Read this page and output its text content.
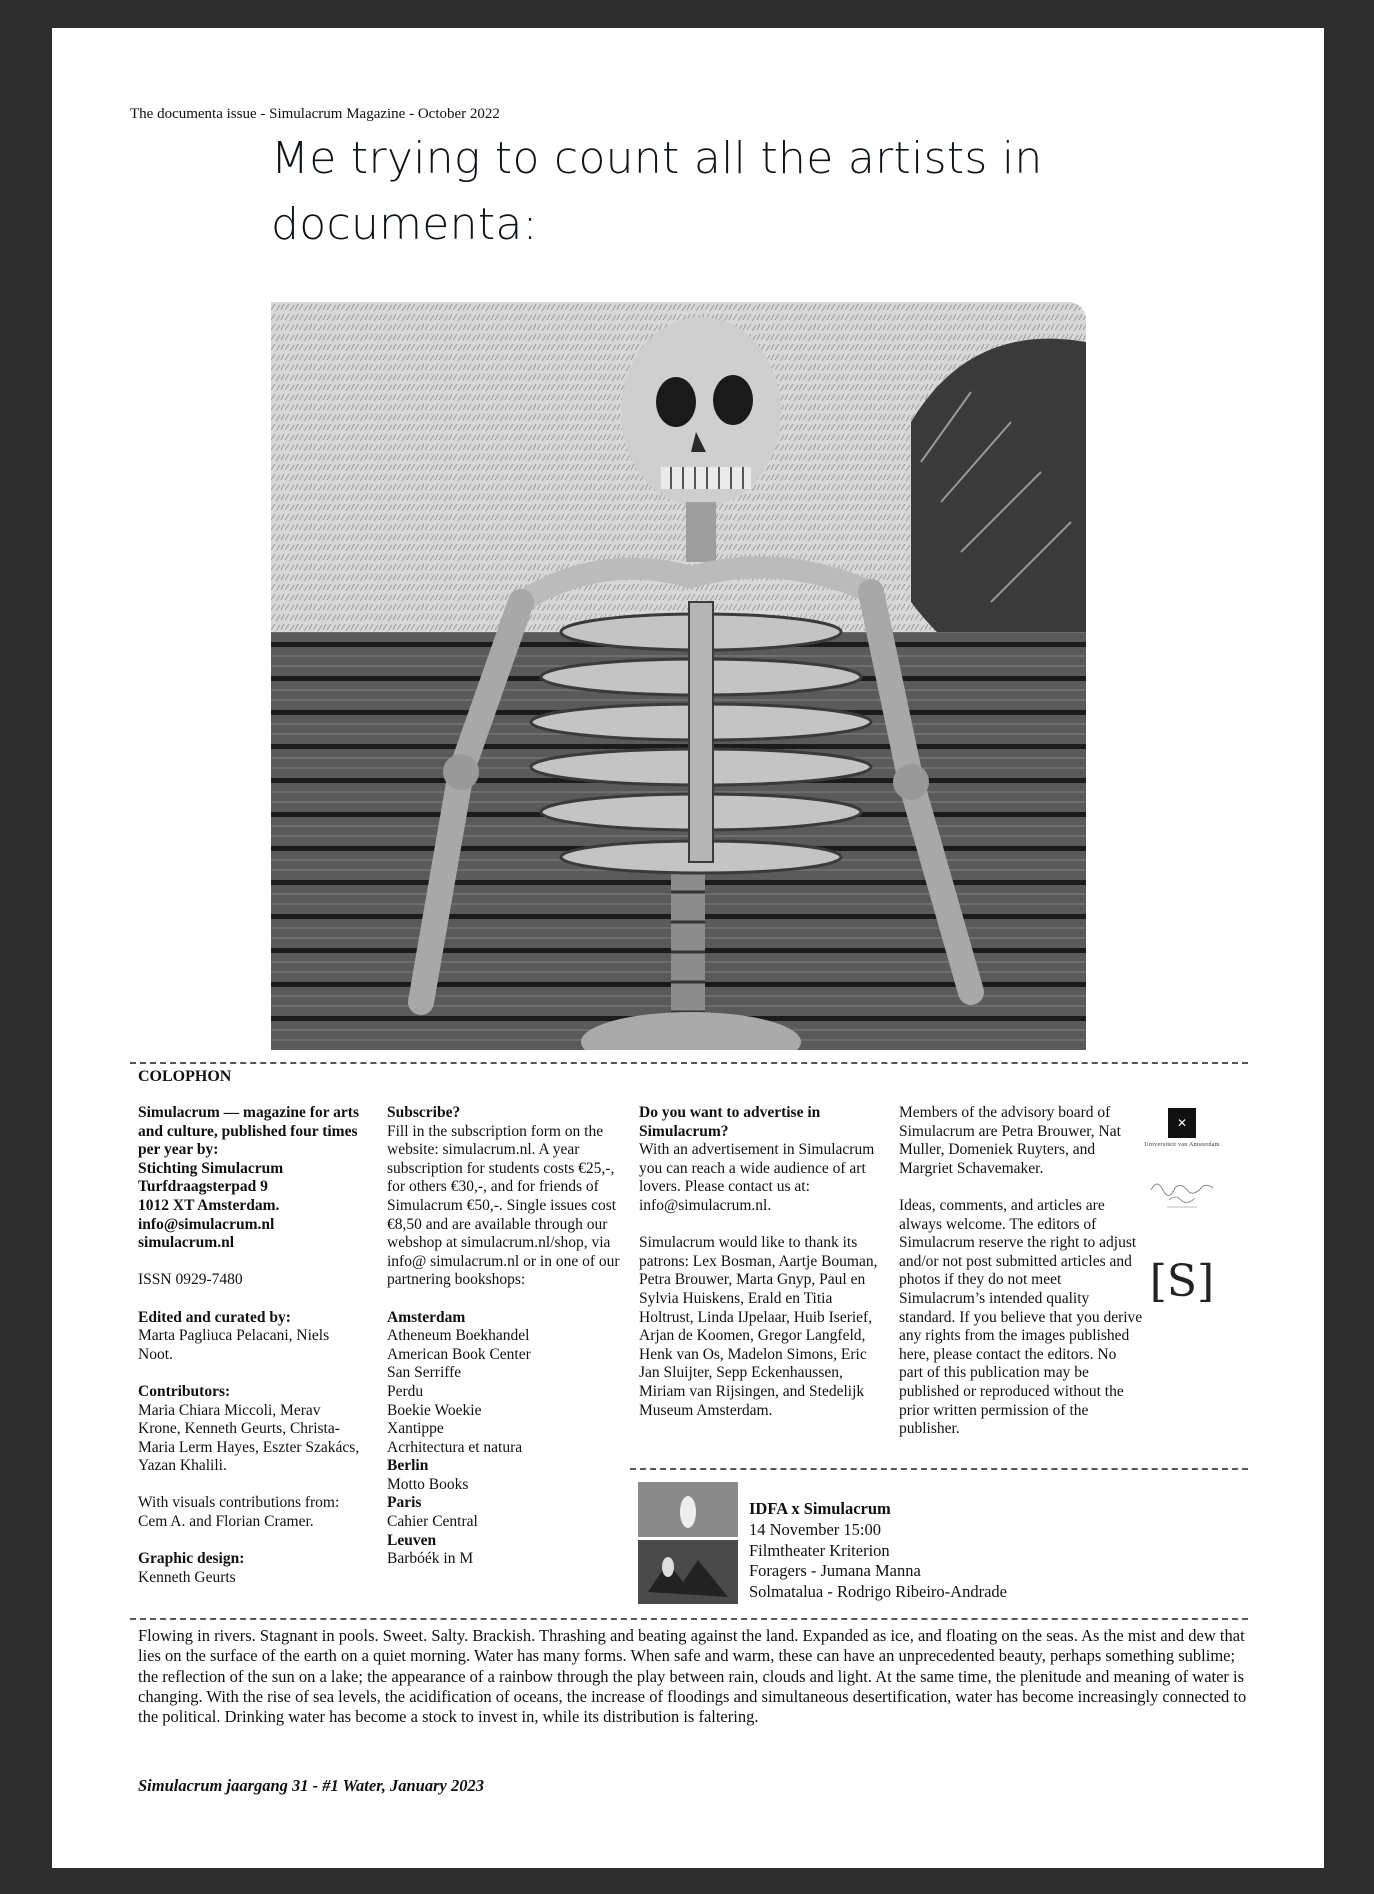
The documenta issue - Simulacrum Magazine - October 2022
Me trying to count all the artists in documenta:
COLOPHON

Simulacrum — magazine for arts and culture, published four times per year by:
Stichting Simulacrum
Turfdraagsterpad 9
1012 XT Amsterdam.
info@simulacrum.nl
simulacrum.nl

ISSN 0929-7480

Edited and curated by:

Marta Pagliuca Pelacani, Niels Noot.

Contributors:

Maria Chiara Miccoli, Merav Krone, Kenneth Geurts, Christa-Maria Lerm Hayes, Eszter Szakács, Yazan Khalili.

With visuals contributions from: Cem A. and Florian Cramer.

Graphic design:

Kenneth Geurts

Subscribe?

Fill in the subscription form on the website: simulacrum.nl. A year subscription for students costs €25,-, for others €30,-, and for friends of Simulacrum €50,-. Single issues cost €8,50 and are available through our webshop at simulacrum.nl/shop, via info@ simulacrum.nl or in one of our partnering bookshops:

Amsterdam

Atheneum Boekhandel
American Book Center
San Serriffe
Perdu
Boekie Woekie
Xantippe
Acrhitectura et natura

Berlin

Motto Books

Paris

Cahier Central

Leuven

Barbóék in M

Do you want to advertise in Simulacrum?

With an advertisement in Simulacrum you can reach a wide audience of art lovers. Please contact us at: info@simulacrum.nl.

Simulacrum would like to thank its patrons: Lex Bosman, Aartje Bouman, Petra Brouwer, Marta Gnyp, Paul en Sylvia Huiskens, Erald en Titia Holtrust, Linda IJpelaar, Huib Iserief, Arjan de Koomen, Gregor Langfeld, Henk van Os, Madelon Simons, Eric Jan Sluijter, Sepp Eckenhaussen, Miriam van Rijsingen, and Stedelijk Museum Amsterdam.

Members of the advisory board of Simulacrum are Petra Brouwer, Nat Muller, Domeniek Ruyters, and Margriet Schavemaker.

Ideas, comments, and articles are always welcome. The editors of Simulacrum reserve the right to adjust and/or not post submitted articles and photos if they do not meet Simulacrum’s intended quality standard. If you believe that you derive any rights from the images published here, please contact the editors. No part of this publication may be published or reproduced without the prior written permission of the publisher.

✕
Universiteit van Amsterdam
[S]
IDFA x Simulacrum
14 November 15:00
Filmtheater Kriterion
Foragers - Jumana Manna
Solmatalua - Rodrigo Ribeiro-Andrade
Flowing in rivers. Stagnant in pools. Sweet. Salty. Brackish. Thrashing and beating against the land. Expanded as ice, and floating on the seas. As the mist and dew that lies on the surface of the earth on a quiet morning. Water has many forms. When safe and warm, these can have an unprecedented beauty, perhaps something sublime; the reflection of the sun on a lake; the appearance of a rainbow through the play between rain, clouds and light. At the same time, the plenitude and meaning of water is changing. With the rise of sea levels, the acidification of oceans, the increase of floodings and simultaneous desertification, water has become increasingly connected to the political. Drinking water has become a stock to invest in, while its distribution is faltering.
Simulacrum jaargang 31 - #1 Water, January 2023
